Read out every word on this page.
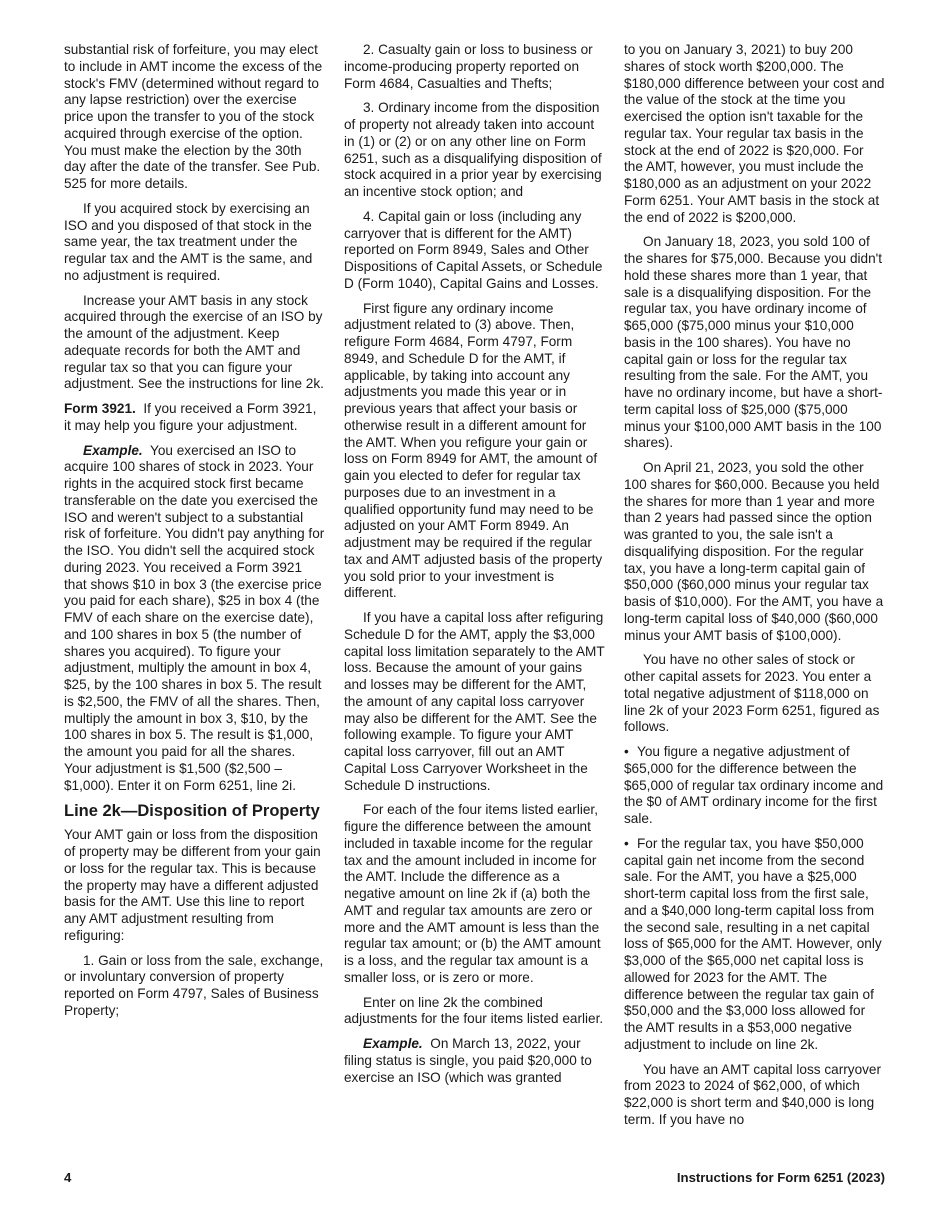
substantial risk of forfeiture, you may elect to include in AMT income the excess of the stock's FMV (determined without regard to any lapse restriction) over the exercise price upon the transfer to you of the stock acquired through exercise of the option. You must make the election by the 30th day after the date of the transfer. See Pub. 525 for more details.

If you acquired stock by exercising an ISO and you disposed of that stock in the same year, the tax treatment under the regular tax and the AMT is the same, and no adjustment is required.

Increase your AMT basis in any stock acquired through the exercise of an ISO by the amount of the adjustment. Keep adequate records for both the AMT and regular tax so that you can figure your adjustment. See the instructions for line 2k.

Form 3921. If you received a Form 3921, it may help you figure your adjustment.

Example. You exercised an ISO to acquire 100 shares of stock in 2023. Your rights in the acquired stock first became transferable on the date you exercised the ISO and weren't subject to a substantial risk of forfeiture. You didn't pay anything for the ISO. You didn't sell the acquired stock during 2023. You received a Form 3921 that shows $10 in box 3 (the exercise price you paid for each share), $25 in box 4 (the FMV of each share on the exercise date), and 100 shares in box 5 (the number of shares you acquired). To figure your adjustment, multiply the amount in box 4, $25, by the 100 shares in box 5. The result is $2,500, the FMV of all the shares. Then, multiply the amount in box 3, $10, by the 100 shares in box 5. The result is $1,000, the amount you paid for all the shares. Your adjustment is $1,500 ($2,500 – $1,000). Enter it on Form 6251, line 2i.

Line 2k—Disposition of Property

Your AMT gain or loss from the disposition of property may be different from your gain or loss for the regular tax. This is because the property may have a different adjusted basis for the AMT. Use this line to report any AMT adjustment resulting from refiguring:

1. Gain or loss from the sale, exchange, or involuntary conversion of property reported on Form 4797, Sales of Business Property;

2. Casualty gain or loss to business or income-producing property reported on Form 4684, Casualties and Thefts;

3. Ordinary income from the disposition of property not already taken into account in (1) or (2) or on any other line on Form 6251, such as a disqualifying disposition of stock acquired in a prior year by exercising an incentive stock option; and

4. Capital gain or loss (including any carryover that is different for the AMT) reported on Form 8949, Sales and Other Dispositions of Capital Assets, or Schedule D (Form 1040), Capital Gains and Losses.

First figure any ordinary income adjustment related to (3) above. Then, refigure Form 4684, Form 4797, Form 8949, and Schedule D for the AMT, if applicable, by taking into account any adjustments you made this year or in previous years that affect your basis or otherwise result in a different amount for the AMT. When you refigure your gain or loss on Form 8949 for AMT, the amount of gain you elected to defer for regular tax purposes due to an investment in a qualified opportunity fund may need to be adjusted on your AMT Form 8949. An adjustment may be required if the regular tax and AMT adjusted basis of the property you sold prior to your investment is different.

If you have a capital loss after refiguring Schedule D for the AMT, apply the $3,000 capital loss limitation separately to the AMT loss. Because the amount of your gains and losses may be different for the AMT, the amount of any capital loss carryover may also be different for the AMT. See the following example. To figure your AMT capital loss carryover, fill out an AMT Capital Loss Carryover Worksheet in the Schedule D instructions.

For each of the four items listed earlier, figure the difference between the amount included in taxable income for the regular tax and the amount included in income for the AMT. Include the difference as a negative amount on line 2k if (a) both the AMT and regular tax amounts are zero or more and the AMT amount is less than the regular tax amount; or (b) the AMT amount is a loss, and the regular tax amount is a smaller loss, or is zero or more.

Enter on line 2k the combined adjustments for the four items listed earlier.

Example. On March 13, 2022, your filing status is single, you paid $20,000 to exercise an ISO (which was granted

to you on January 3, 2021) to buy 200 shares of stock worth $200,000. The $180,000 difference between your cost and the value of the stock at the time you exercised the option isn't taxable for the regular tax. Your regular tax basis in the stock at the end of 2022 is $20,000. For the AMT, however, you must include the $180,000 as an adjustment on your 2022 Form 6251. Your AMT basis in the stock at the end of 2022 is $200,000.

On January 18, 2023, you sold 100 of the shares for $75,000. Because you didn't hold these shares more than 1 year, that sale is a disqualifying disposition. For the regular tax, you have ordinary income of $65,000 ($75,000 minus your $10,000 basis in the 100 shares). You have no capital gain or loss for the regular tax resulting from the sale. For the AMT, you have no ordinary income, but have a short-term capital loss of $25,000 ($75,000 minus your $100,000 AMT basis in the 100 shares).

On April 21, 2023, you sold the other 100 shares for $60,000. Because you held the shares for more than 1 year and more than 2 years had passed since the option was granted to you, the sale isn't a disqualifying disposition. For the regular tax, you have a long-term capital gain of $50,000 ($60,000 minus your regular tax basis of $10,000). For the AMT, you have a long-term capital loss of $40,000 ($60,000 minus your AMT basis of $100,000).

You have no other sales of stock or other capital assets for 2023. You enter a total negative adjustment of $118,000 on line 2k of your 2023 Form 6251, figured as follows.

• You figure a negative adjustment of $65,000 for the difference between the $65,000 of regular tax ordinary income and the $0 of AMT ordinary income for the first sale.

• For the regular tax, you have $50,000 capital gain net income from the second sale. For the AMT, you have a $25,000 short-term capital loss from the first sale, and a $40,000 long-term capital loss from the second sale, resulting in a net capital loss of $65,000 for the AMT. However, only $3,000 of the $65,000 net capital loss is allowed for 2023 for the AMT. The difference between the regular tax gain of $50,000 and the $3,000 loss allowed for the AMT results in a $53,000 negative adjustment to include on line 2k.

You have an AMT capital loss carryover from 2023 to 2024 of $62,000, of which $22,000 is short term and $40,000 is long term. If you have no

4	Instructions for Form 6251 (2023)
